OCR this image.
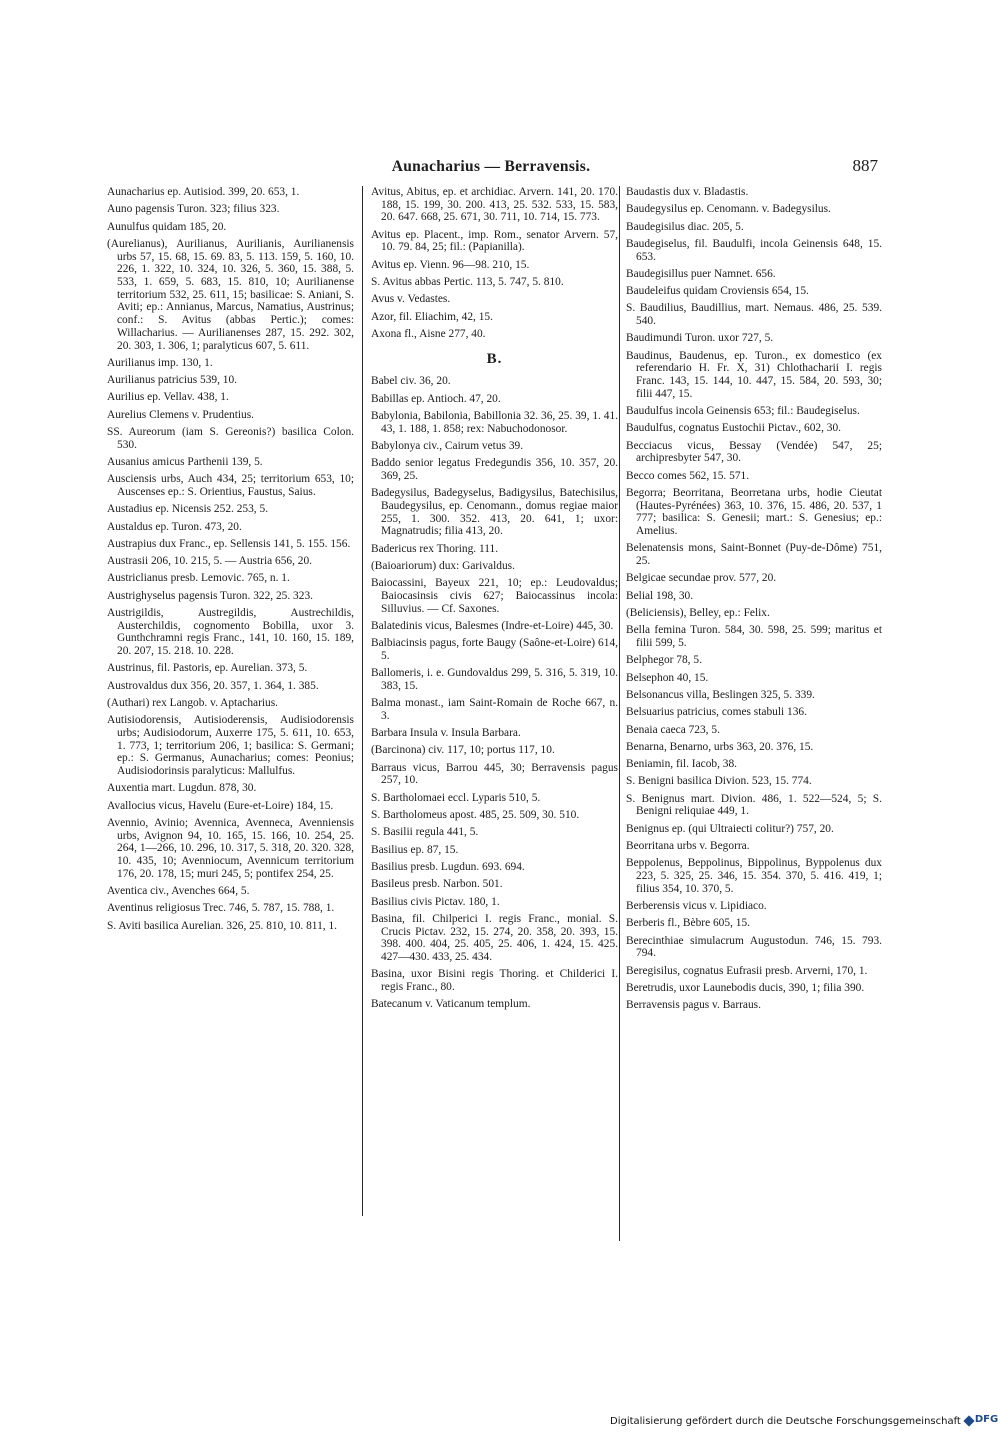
Aunacharius — Berravensis.	887
Aunacharius ep. Autisiod. 399, 20. 653, 1.
Auno pagensis Turon. 323; filius 323.
Aunulfus quidam 185, 20.
(Aurelianus), Aurilianus, Aurilianis, Aurilianensis urbs 57, 15. 68, 15. 69. 83, 5. 113. 159, 5. 160, 10. 226, 1. 322, 10. 324, 10. 326, 5. 360, 15. 388, 5. 533, 1. 659, 5. 683, 15. 810, 10; Aurilianense territorium 532, 25. 611, 15; basilicae: S. Aniani, S. Aviti; ep.: Annianus, Marcus, Namatius, Austrinus; conf.: S. Avitus (abbas Pertic.); comes: Willacharius. — Aurilianenses 287, 15. 292. 302, 20. 303, 1. 306, 1; paralyticus 607, 5. 611.
Aurilianus imp. 130, 1.
Aurilianus patricius 539, 10.
Aurilius ep. Vellav. 438, 1.
Aurelius Clemens v. Prudentius.
SS. Aureorum (iam S. Gereonis?) basilica Colon. 530.
Ausanius amicus Parthenii 139, 5.
Ausciensis urbs, Auch 434, 25; territorium 653, 10; Auscenses ep.: S. Orientius, Faustus, Saius.
Austadius ep. Nicensis 252. 253, 5.
Austaldus ep. Turon. 473, 20.
Austrapius dux Franc., ep. Sellensis 141, 5. 155. 156.
Austrasii 206, 10. 215, 5. — Austria 656, 20.
Austriclianus presb. Lemovic. 765, n. 1.
Austrighyselus pagensis Turon. 322, 25. 323.
Austrigildis, Austregildis, Austrechildis, Austerchildis, cognomento Bobilla, uxor 3. Gunthchramni regis Franc., 141, 10. 160, 15. 189, 20. 207, 15. 218. 10. 228.
Austrinus, fil. Pastoris, ep. Aurelian. 373, 5.
Austrovaldus dux 356, 20. 357, 1. 364, 1. 385.
(Authari) rex Langob. v. Aptacharius.
Autisiodorensis, Autisioderensis, Audisiodorensis urbs; Audisiodorum, Auxerre 175, 5. 611, 10. 653, 1. 773, 1; territorium 206, 1; basilica: S. Germani; ep.: S. Germanus, Aunacharius; comes: Peonius; Audisiodorinsis paralyticus: Mallulfus.
Auxentia mart. Lugdun. 878, 30.
Avallocius vicus, Havelu (Eure-et-Loire) 184, 15.
Avennio, Avinio; Avennica, Avenneca, Avenniensis urbs, Avignon 94, 10. 165, 15. 166, 10. 254, 25. 264, 1—266, 10. 296, 10. 317, 5. 318, 20. 320. 328, 10. 435, 10; Avenniocum, Avennicum territorium 176, 20. 178, 15; muri 245, 5; pontifex 254, 25.
Aventica civ., Avenches 664, 5.
Aventinus religiosus Trec. 746, 5. 787, 15. 788, 1.
S. Aviti basilica Aurelian. 326, 25. 810, 10. 811, 1.
Avitus, Abitus, ep. et archidiac. Arvern. 141, 20. 170. 188, 15. 199, 30. 200. 413, 25. 532. 533, 15. 583, 20. 647. 668, 25. 671, 30. 711, 10. 714, 15. 773.
Avitus ep. Placent., imp. Rom., senator Arvern. 57, 10. 79. 84, 25; fil.: (Papianilla).
Avitus ep. Vienn. 96—98. 210, 15.
S. Avitus abbas Pertic. 113, 5. 747, 5. 810.
Avus v. Vedastes.
Azor, fil. Eliachim, 42, 15.
Axona fl., Aisne 277, 40.
B.
Babel civ. 36, 20.
Babillas ep. Antioch. 47, 20.
Babylonia, Babilonia, Babillonia 32. 36, 25. 39, 1. 41. 43, 1. 188, 1. 858; rex: Nabuchodonosor.
Babylonya civ., Cairum vetus 39.
Baddo senior legatus Fredegundis 356, 10. 357, 20. 369, 25.
Badegysilus, Badegyselus, Badigysilus, Batechisilus, Baudegysilus, ep. Cenomann., domus regiae maior 255, 1. 300. 352. 413, 20. 641, 1; uxor: Magnatrudis; filia 413, 20.
Badericus rex Thoring. 111.
(Baioariorum) dux: Garivaldus.
Baiocassini, Bayeux 221, 10; ep.: Leudovaldus; Baiocasinsis civis 627; Baiocassinus incola: Silluvius. — Cf. Saxones.
Balatedinis vicus, Balesmes (Indre-et-Loire) 445, 30.
Balbiacinsis pagus, forte Baugy (Saône-et-Loire) 614, 5.
Ballomeris, i. e. Gundovaldus 299, 5. 316, 5. 319, 10. 383, 15.
Balma monast., iam Saint-Romain de Roche 667, n. 3.
Barbara Insula v. Insula Barbara.
(Barcinona) civ. 117, 10; portus 117, 10.
Barraus vicus, Barrou 445, 30; Berravensis pagus 257, 10.
S. Bartholomaei eccl. Lyparis 510, 5.
S. Bartholomeus apost. 485, 25. 509, 30. 510.
S. Basilii regula 441, 5.
Basilius ep. 87, 15.
Basilius presb. Lugdun. 693. 694.
Basileus presb. Narbon. 501.
Basilius civis Pictav. 180, 1.
Basina, fil. Chilperici I. regis Franc., monial. S. Crucis Pictav. 232, 15. 274, 20. 358, 20. 393, 15. 398. 400. 404, 25. 405, 25. 406, 1. 424, 15. 425. 427—430. 433, 25. 434.
Basina, uxor Bisini regis Thoring. et Childerici I. regis Franc., 80.
Batecanum v. Vaticanum templum.
Baudastis dux v. Bladastis.
Baudegysilus ep. Cenomann. v. Badegysilus.
Baudegisilus diac. 205, 5.
Baudegiselus, fil. Baudulfi, incola Geinensis 648, 15. 653.
Baudegisillus puer Namnet. 656.
Baudeleifus quidam Croviensis 654, 15.
S. Baudilius, Baudillius, mart. Nemaus. 486, 25. 539. 540.
Baudimundi Turon. uxor 727, 5.
Baudinus, Baudenus, ep. Turon., ex domestico (ex referendario H. Fr. X, 31) Chlothacharii I. regis Franc. 143, 15. 144, 10. 447, 15. 584, 20. 593, 30; filii 447, 15.
Baudulfus incola Geinensis 653; fil.: Baudegiselus.
Baudulfus, cognatus Eustochii Pictav., 602, 30.
Becciacus vicus, Bessay (Vendée) 547, 25; archipresbyter 547, 30.
Becco comes 562, 15. 571.
Begorra; Beorritana, Beorretana urbs, hodie Cieutat (Hautes-Pyrénées) 363, 10. 376, 15. 486, 20. 537, 1 777; basilica: S. Genesii; mart.: S. Genesius; ep.: Amelius.
Belenatensis mons, Saint-Bonnet (Puy-de-Dôme) 751, 25.
Belgicae secundae prov. 577, 20.
Belial 198, 30.
(Beliciensis), Belley, ep.: Felix.
Bella femina Turon. 584, 30. 598, 25. 599; maritus et filii 599, 5.
Belphegor 78, 5.
Belsephon 40, 15.
Belsonancus villa, Beslingen 325, 5. 339.
Belsuarius patricius, comes stabuli 136.
Benaia caeca 723, 5.
Benarna, Benarno, urbs 363, 20. 376, 15.
Beniamin, fil. Iacob, 38.
S. Benigni basilica Divion. 523, 15. 774.
S. Benignus mart. Divion. 486, 1. 522—524, 5; S. Benigni reliquiae 449, 1.
Benignus ep. (qui Ultraiecti colitur?) 757, 20.
Beorritana urbs v. Begorra.
Beppolenus, Beppolinus, Bippolinus, Byppolenus dux 223, 5. 325, 25. 346, 15. 354. 370, 5. 416. 419, 1; filius 354, 10. 370, 5.
Berberensis vicus v. Lipidiaco.
Berberis fl., Bèbre 605, 15.
Berecinthiae simulacrum Augustodun. 746, 15. 793. 794.
Beregisilus, cognatus Eufrasii presb. Arverni, 170, 1.
Beretrudis, uxor Launebodis ducis, 390, 1; filia 390.
Berravensis pagus v. Barraus.
Digitalisierung gefördert durch die Deutsche Forschungsgemeinschaft DFG
